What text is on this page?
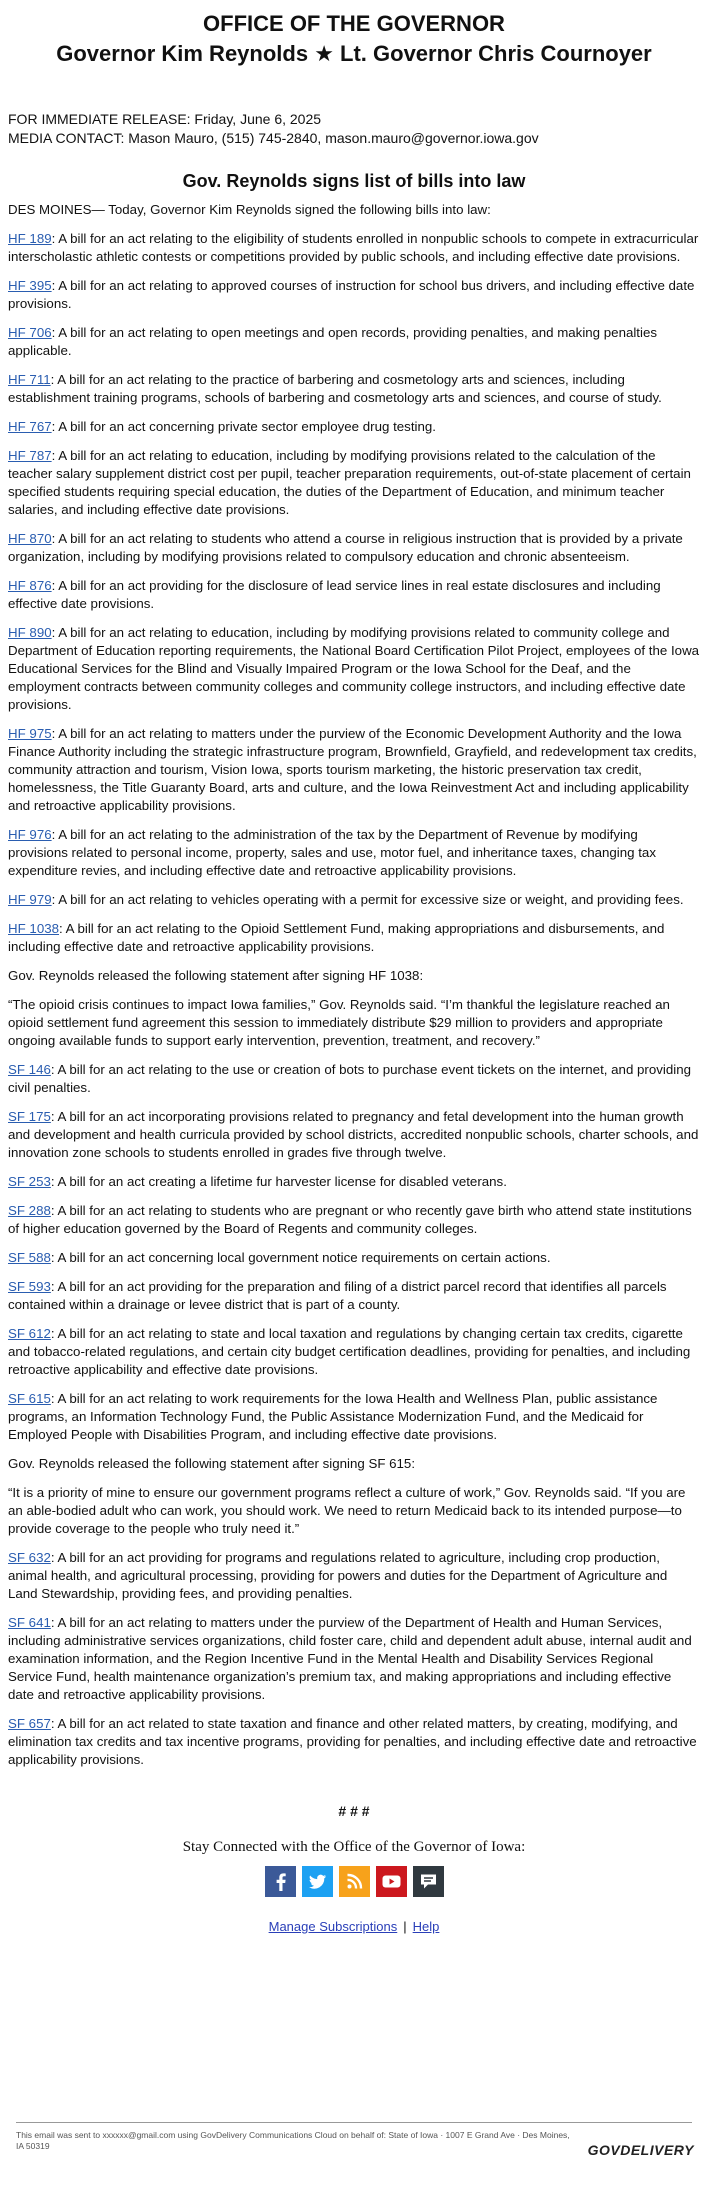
OFFICE OF THE GOVERNOR
Governor Kim Reynolds ★ Lt. Governor Chris Cournoyer
FOR IMMEDIATE RELEASE: Friday, June 6, 2025
MEDIA CONTACT: Mason Mauro, (515) 745-2840, mason.mauro@governor.iowa.gov
Gov. Reynolds signs list of bills into law

DES MOINES— Today, Governor Kim Reynolds signed the following bills into law:

HF 189: A bill for an act relating to the eligibility of students enrolled in nonpublic schools to compete in extracurricular interscholastic athletic contests or competitions provided by public schools, and including effective date provisions.

HF 395: A bill for an act relating to approved courses of instruction for school bus drivers, and including effective date provisions.

HF 706: A bill for an act relating to open meetings and open records, providing penalties, and making penalties applicable.

HF 711: A bill for an act relating to the practice of barbering and cosmetology arts and sciences, including establishment training programs, schools of barbering and cosmetology arts and sciences, and course of study.

HF 767: A bill for an act concerning private sector employee drug testing.

HF 787: A bill for an act relating to education, including by modifying provisions related to the calculation of the teacher salary supplement district cost per pupil, teacher preparation requirements, out-of-state placement of certain specified students requiring special education, the duties of the Department of Education, and minimum teacher salaries, and including effective date provisions.

HF 870: A bill for an act relating to students who attend a course in religious instruction that is provided by a private organization, including by modifying provisions related to compulsory education and chronic absenteeism.

HF 876: A bill for an act providing for the disclosure of lead service lines in real estate disclosures and including effective date provisions.

HF 890: A bill for an act relating to education, including by modifying provisions related to community college and Department of Education reporting requirements, the National Board Certification Pilot Project, employees of the Iowa Educational Services for the Blind and Visually Impaired Program or the Iowa School for the Deaf, and the employment contracts between community colleges and community college instructors, and including effective date provisions.

HF 975: A bill for an act relating to matters under the purview of the Economic Development Authority and the Iowa Finance Authority including the strategic infrastructure program, Brownfield, Grayfield, and redevelopment tax credits, community attraction and tourism, Vision Iowa, sports tourism marketing, the historic preservation tax credit, homelessness, the Title Guaranty Board, arts and culture, and the Iowa Reinvestment Act and including applicability and retroactive applicability provisions.

HF 976: A bill for an act relating to the administration of the tax by the Department of Revenue by modifying provisions related to personal income, property, sales and use, motor fuel, and inheritance taxes, changing tax expenditure revies, and including effective date and retroactive applicability provisions.

HF 979: A bill for an act relating to vehicles operating with a permit for excessive size or weight, and providing fees.

HF 1038: A bill for an act relating to the Opioid Settlement Fund, making appropriations and disbursements, and including effective date and retroactive applicability provisions.

Gov. Reynolds released the following statement after signing HF 1038:

“The opioid crisis continues to impact Iowa families,” Gov. Reynolds said. “I’m thankful the legislature reached an opioid settlement fund agreement this session to immediately distribute $29 million to providers and appropriate ongoing available funds to support early intervention, prevention, treatment, and recovery.”

SF 146: A bill for an act relating to the use or creation of bots to purchase event tickets on the internet, and providing civil penalties.

SF 175: A bill for an act incorporating provisions related to pregnancy and fetal development into the human growth and development and health curricula provided by school districts, accredited nonpublic schools, charter schools, and innovation zone schools to students enrolled in grades five through twelve.

SF 253: A bill for an act creating a lifetime fur harvester license for disabled veterans.

SF 288: A bill for an act relating to students who are pregnant or who recently gave birth who attend state institutions of higher education governed by the Board of Regents and community colleges.

SF 588: A bill for an act concerning local government notice requirements on certain actions.

SF 593: A bill for an act providing for the preparation and filing of a district parcel record that identifies all parcels contained within a drainage or levee district that is part of a county.

SF 612: A bill for an act relating to state and local taxation and regulations by changing certain tax credits, cigarette and tobacco-related regulations, and certain city budget certification deadlines, providing for penalties, and including retroactive applicability and effective date provisions.

SF 615: A bill for an act relating to work requirements for the Iowa Health and Wellness Plan, public assistance programs, an Information Technology Fund, the Public Assistance Modernization Fund, and the Medicaid for Employed People with Disabilities Program, and including effective date provisions.

Gov. Reynolds released the following statement after signing SF 615:

“It is a priority of mine to ensure our government programs reflect a culture of work,” Gov. Reynolds said. “If you are an able-bodied adult who can work, you should work. We need to return Medicaid back to its intended purpose—to provide coverage to the people who truly need it.”

SF 632: A bill for an act providing for programs and regulations related to agriculture, including crop production, animal health, and agricultural processing, providing for powers and duties for the Department of Agriculture and Land Stewardship, providing fees, and providing penalties.

SF 641: A bill for an act relating to matters under the purview of the Department of Health and Human Services, including administrative services organizations, child foster care, child and dependent adult abuse, internal audit and examination information, and the Region Incentive Fund in the Mental Health and Disability Services Regional Service Fund, health maintenance organization’s premium tax, and making appropriations and including effective date and retroactive applicability provisions.

SF 657: A bill for an act related to state taxation and finance and other related matters, by creating, modifying, and elimination tax credits and tax incentive programs, providing for penalties, and including effective date and retroactive applicability provisions.

# # #
Stay Connected with the Office of the Governor of Iowa:
Manage Subscriptions | Help
This email was sent to xxxxxx@gmail.com using GovDelivery Communications Cloud on behalf of: State of Iowa · 1007 E Grand Ave · Des Moines, IA 50319	GOVDELIVERY
